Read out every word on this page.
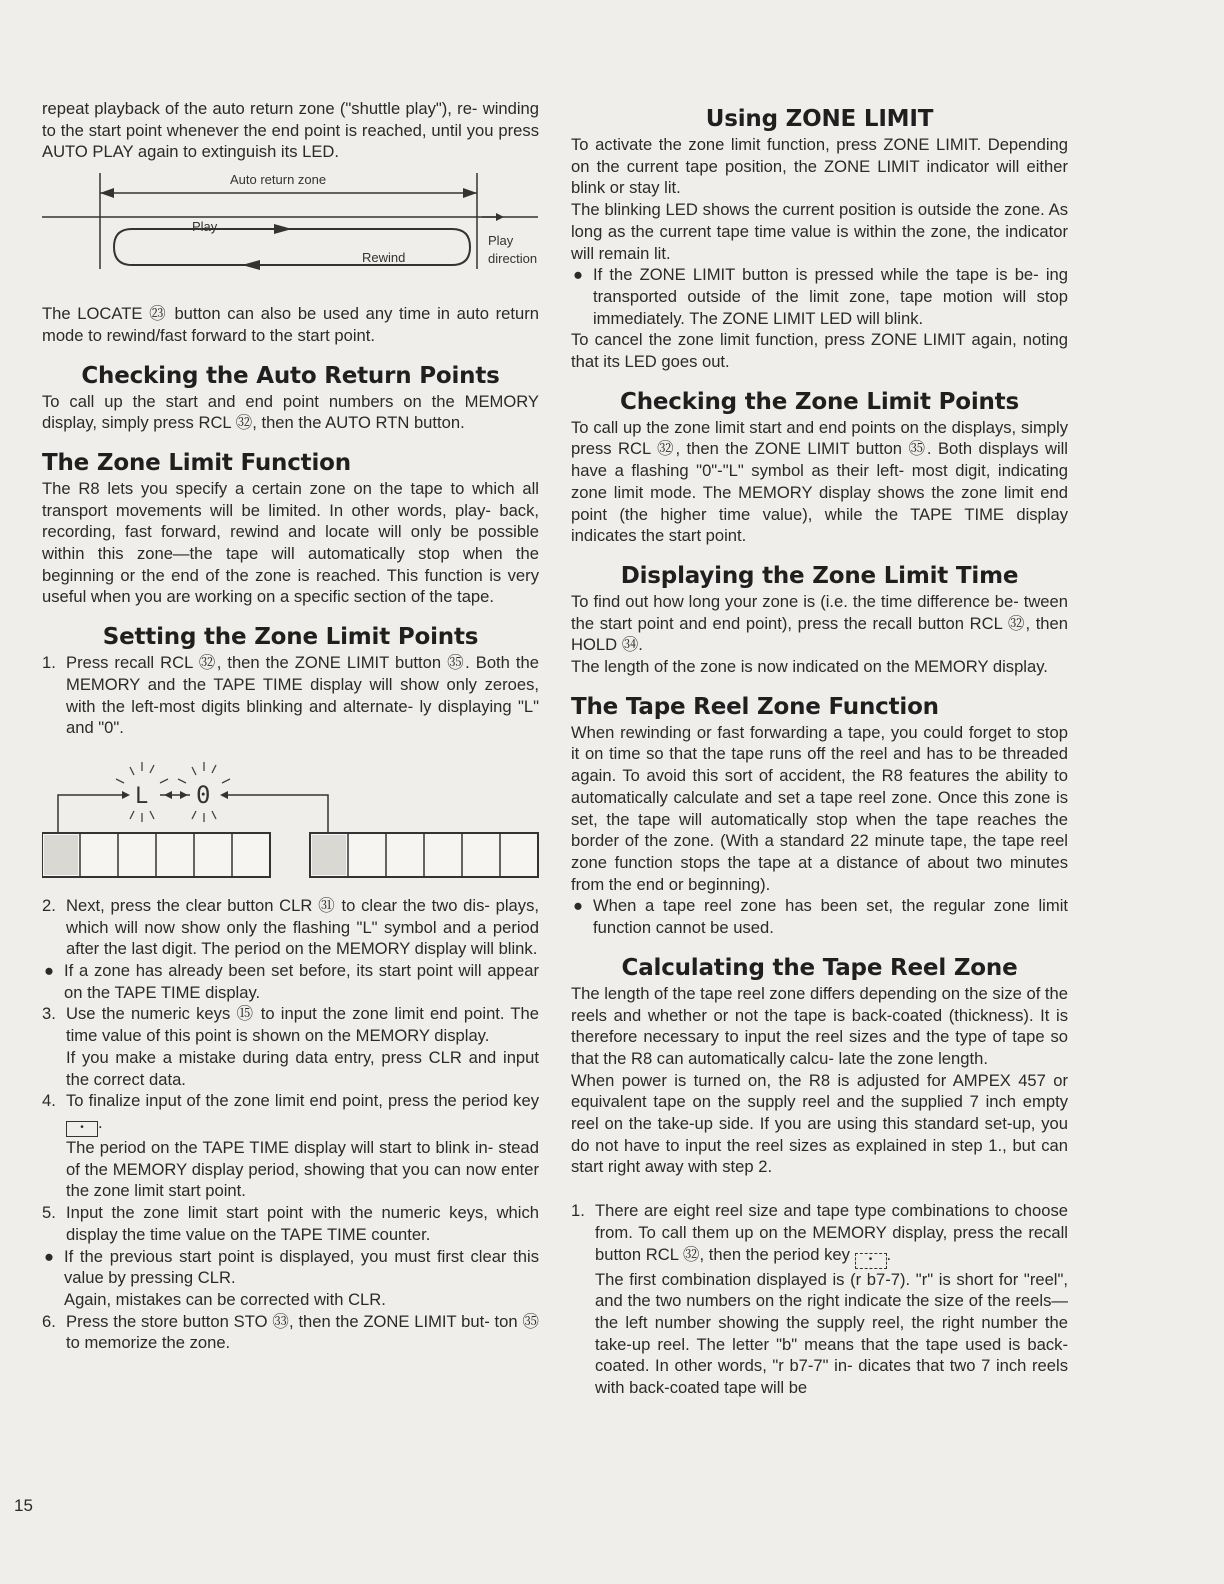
repeat playback of the auto return zone ("shuttle play"), re- winding to the start point whenever the end point is reached, until you press AUTO PLAY again to extinguish its LED.

Auto return zone
Play
Rewind
Play
direction

The LOCATE ㉓ button can also be used any time in auto return mode to rewind/fast forward to the start point.

Checking the Auto Return Points

To call up the start and end point numbers on the MEMORY display, simply press RCL ㉜, then the AUTO RTN button.

The Zone Limit Function

The R8 lets you specify a certain zone on the tape to which all transport movements will be limited. In other words, play- back, recording, fast forward, rewind and locate will only be possible within this zone—the tape will automatically stop when the beginning or the end of the zone is reached. This function is very useful when you are working on a specific section of the tape.

Setting the Zone Limit Points

1. Press recall RCL ㉜, then the ZONE LIMIT button ㉟. Both the MEMORY and the TAPE TIME display will show only zeroes, with the left-most digits blinking and alternate- ly displaying "L" and "0".

L 0

2. Next, press the clear button CLR ㉛ to clear the two dis- plays, which will now show only the flashing "L" symbol and a period after the last digit. The period on the MEMORY display will blink.

● If a zone has already been set before, its start point will appear on the TAPE TIME display.

3. Use the numeric keys ⑮ to input the zone limit end point. The time value of this point is shown on the MEMORY display.

If you make a mistake during data entry, press CLR and input the correct data.

4. To finalize input of the zone limit end point, press the period key • .

The period on the TAPE TIME display will start to blink in- stead of the MEMORY display period, showing that you can now enter the zone limit start point.

5. Input the zone limit start point with the numeric keys, which display the time value on the TAPE TIME counter.

● If the previous start point is displayed, you must first clear this value by pressing CLR.

Again, mistakes can be corrected with CLR.

6. Press the store button STO ㉝, then the ZONE LIMIT but- ton ㉟ to memorize the zone.

Using ZONE LIMIT

To activate the zone limit function, press ZONE LIMIT. Depending on the current tape position, the ZONE LIMIT indicator will either blink or stay lit.

The blinking LED shows the current position is outside the zone. As long as the current tape time value is within the zone, the indicator will remain lit.

● If the ZONE LIMIT button is pressed while the tape is be- ing transported outside of the limit zone, tape motion will stop immediately. The ZONE LIMIT LED will blink.

To cancel the zone limit function, press ZONE LIMIT again, noting that its LED goes out.

Checking the Zone Limit Points

To call up the zone limit start and end points on the displays, simply press RCL ㉜, then the ZONE LIMIT button ㉟. Both displays will have a flashing "0"-"L" symbol as their left- most digit, indicating zone limit mode. The MEMORY display shows the zone limit end point (the higher time value), while the TAPE TIME display indicates the start point.

Displaying the Zone Limit Time

To find out how long your zone is (i.e. the time difference be- tween the start point and end point), press the recall button RCL ㉜, then HOLD ㉞.

The length of the zone is now indicated on the MEMORY display.

The Tape Reel Zone Function

When rewinding or fast forwarding a tape, you could forget to stop it on time so that the tape runs off the reel and has to be threaded again. To avoid this sort of accident, the R8 features the ability to automatically calculate and set a tape reel zone. Once this zone is set, the tape will automatically stop when the tape reaches the border of the zone. (With a standard 22 minute tape, the tape reel zone function stops the tape at a distance of about two minutes from the end or beginning).

● When a tape reel zone has been set, the regular zone limit function cannot be used.

Calculating the Tape Reel Zone

The length of the tape reel zone differs depending on the size of the reels and whether or not the tape is back-coated (thickness). It is therefore necessary to input the reel sizes and the type of tape so that the R8 can automatically calcu- late the zone length.

When power is turned on, the R8 is adjusted for AMPEX 457 or equivalent tape on the supply reel and the supplied 7 inch empty reel on the take-up side. If you are using this standard set-up, you do not have to input the reel sizes as explained in step 1., but can start right away with step 2.

1. There are eight reel size and tape type combinations to choose from. To call them up on the MEMORY display, press the recall button RCL ㉜, then the period key • .

The first combination displayed is (r b7-7). "r" is short for "reel", and the two numbers on the right indicate the size of the reels—the left number showing the supply reel, the right number the take-up reel. The letter "b" means that the tape used is back-coated. In other words, "r b7-7" in- dicates that two 7 inch reels with back-coated tape will be

15
